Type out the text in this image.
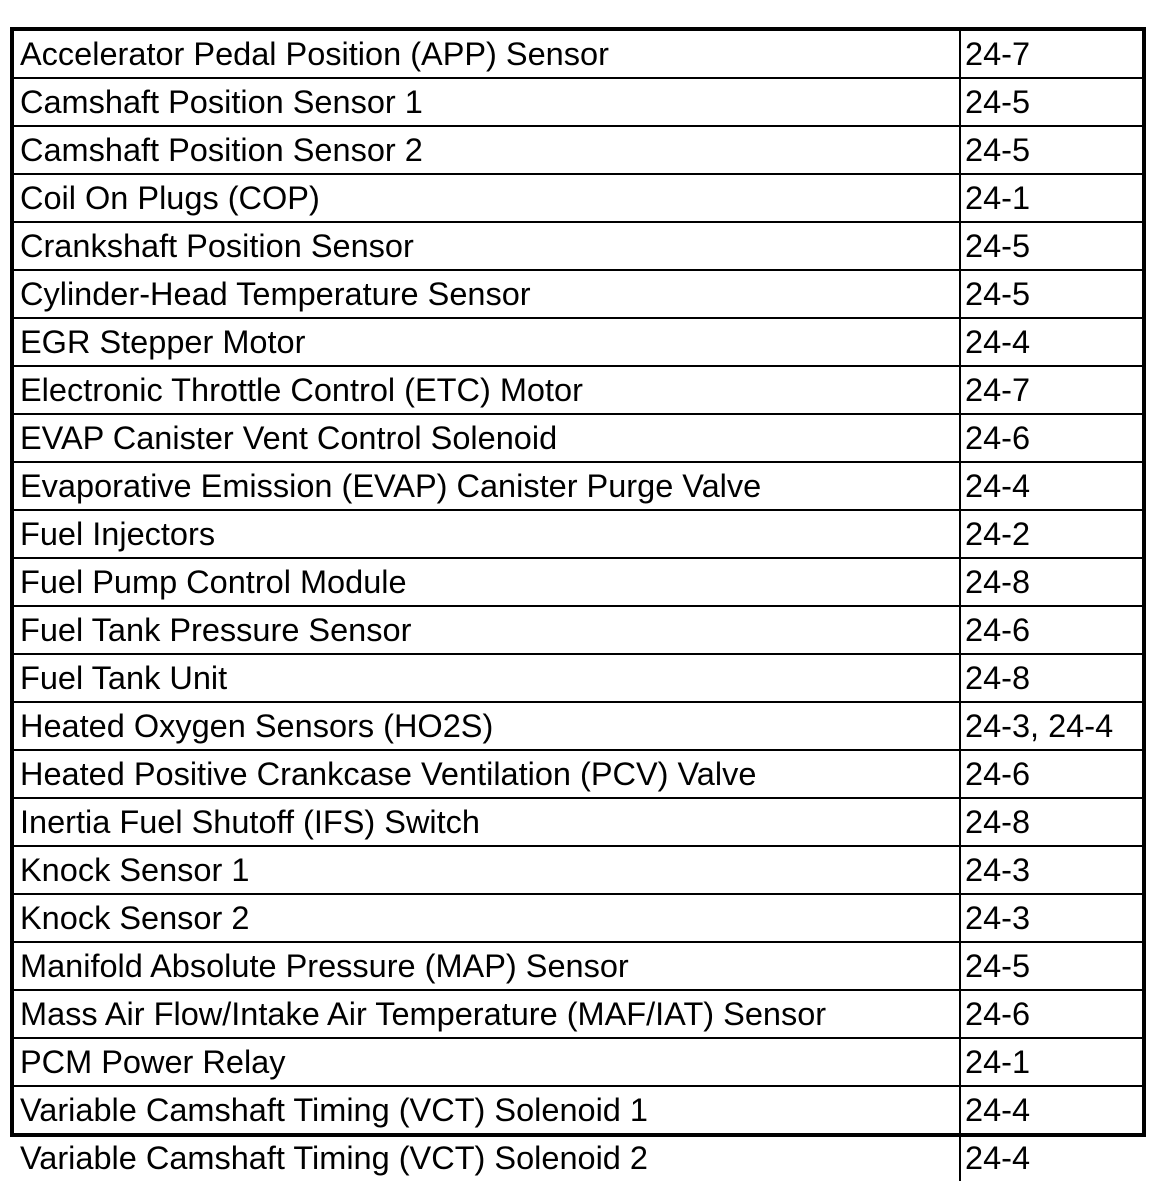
Accelerator Pedal Position (APP) Sensor	24-7
Camshaft Position Sensor 1	24-5
Camshaft Position Sensor 2	24-5
Coil On Plugs (COP)	24-1
Crankshaft Position Sensor	24-5
Cylinder-Head Temperature Sensor	24-5
EGR Stepper Motor	24-4
Electronic Throttle Control (ETC) Motor	24-7
EVAP Canister Vent Control Solenoid	24-6
Evaporative Emission (EVAP) Canister Purge Valve	24-4
Fuel Injectors	24-2
Fuel Pump Control Module	24-8
Fuel Tank Pressure Sensor	24-6
Fuel Tank Unit	24-8
Heated Oxygen Sensors (HO2S)	24-3, 24-4
Heated Positive Crankcase Ventilation (PCV) Valve	24-6
Inertia Fuel Shutoff (IFS) Switch	24-8
Knock Sensor 1	24-3
Knock Sensor 2	24-3
Manifold Absolute Pressure (MAP) Sensor	24-5
Mass Air Flow/Intake Air Temperature (MAF/IAT) Sensor	24-6
PCM Power Relay	24-1
Variable Camshaft Timing (VCT) Solenoid 1	24-4
Variable Camshaft Timing (VCT) Solenoid 2	24-4
